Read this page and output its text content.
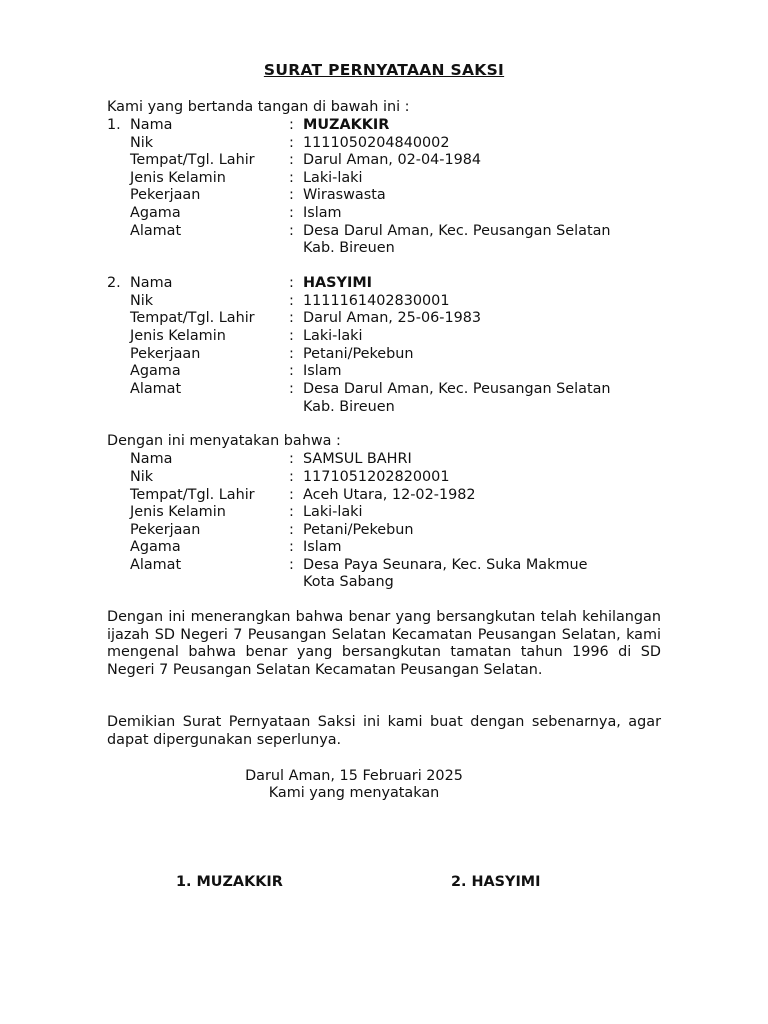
SURAT PERNYATAAN SAKSI
Kami yang bertanda tangan di bawah ini :
1. Nama	: MUZAKKIR
Nik	: 1111050204840002
Tempat/Tgl. Lahir : Darul Aman, 02-04-1984
Jenis Kelamin	: Laki-laki
Pekerjaan	: Wiraswasta
Agama	: Islam
Alamat	: Desa Darul Aman, Kec. Peusangan Selatan
Kab. Bireuen
2. Nama	: HASYIMI
Nik	: 1111161402830001
Tempat/Tgl. Lahir : Darul Aman, 25-06-1983
Jenis Kelamin	: Laki-laki
Pekerjaan	: Petani/Pekebun
Agama	: Islam
Alamat	: Desa Darul Aman, Kec. Peusangan Selatan
Kab. Bireuen
Dengan ini menyatakan bahwa :
Nama	: SAMSUL BAHRI
Nik	: 1171051202820001
Tempat/Tgl. Lahir : Aceh Utara, 12-02-1982
Jenis Kelamin	: Laki-laki
Pekerjaan	: Petani/Pekebun
Agama	: Islam
Alamat	: Desa Paya Seunara, Kec. Suka Makmue
Kota Sabang
Dengan ini menerangkan bahwa benar yang bersangkutan telah kehilangan ijazah SD Negeri 7 Peusangan Selatan Kecamatan Peusangan Selatan, kami mengenal bahwa benar yang bersangkutan tamatan tahun 1996 di SD Negeri 7 Peusangan Selatan Kecamatan Peusangan Selatan.
Demikian Surat Pernyataan Saksi ini kami buat dengan sebenarnya, agar dapat dipergunakan seperlunya.
Darul Aman, 15 Februari 2025
Kami yang menyatakan
1. MUZAKKIR	2. HASYIMI
